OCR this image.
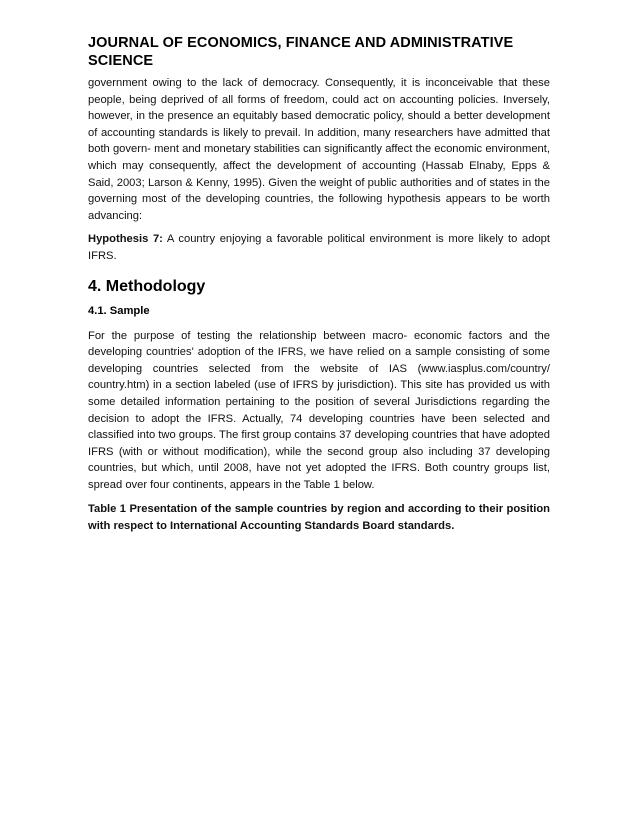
JOURNAL OF ECONOMICS, FINANCE AND ADMINISTRATIVE SCIENCE

government owing to the lack of democracy. Consequently, it is inconceivable that these people, being deprived of all forms of freedom, could act on accounting policies. Inversely, however, in the presence an equitably based democratic policy, should a better development of accounting standards is likely to prevail. In addition, many researchers have admitted that both govern- ment and monetary stabilities can significantly affect the economic environment, which may consequently, affect the development of accounting (Hassab Elnaby, Epps & Said, 2003; Larson & Kenny, 1995). Given the weight of public authorities and of states in the governing most of the developing countries, the following hypothesis appears to be worth advancing:

Hypothesis 7: A country enjoying a favorable political environment is more likely to adopt IFRS.

4. Methodology
4.1. Sample

For the purpose of testing the relationship between macro- economic factors and the developing countries' adoption of the IFRS, we have relied on a sample consisting of some developing countries selected from the website of IAS (www.iasplus.com/country/ country.htm) in a section labeled (use of IFRS by jurisdiction). This site has provided us with some detailed information pertaining to the position of several Jurisdictions regarding the decision to adopt the IFRS. Actually, 74 developing countries have been selected and classified into two groups. The first group contains 37 developing countries that have adopted IFRS (with or without modification), while the second group also including 37 developing countries, but which, until 2008, have not yet adopted the IFRS. Both country groups list, spread over four continents, appears in the Table 1 below.

Table 1 Presentation of the sample countries by region and according to their position with respect to International Accounting Standards Board standards.
